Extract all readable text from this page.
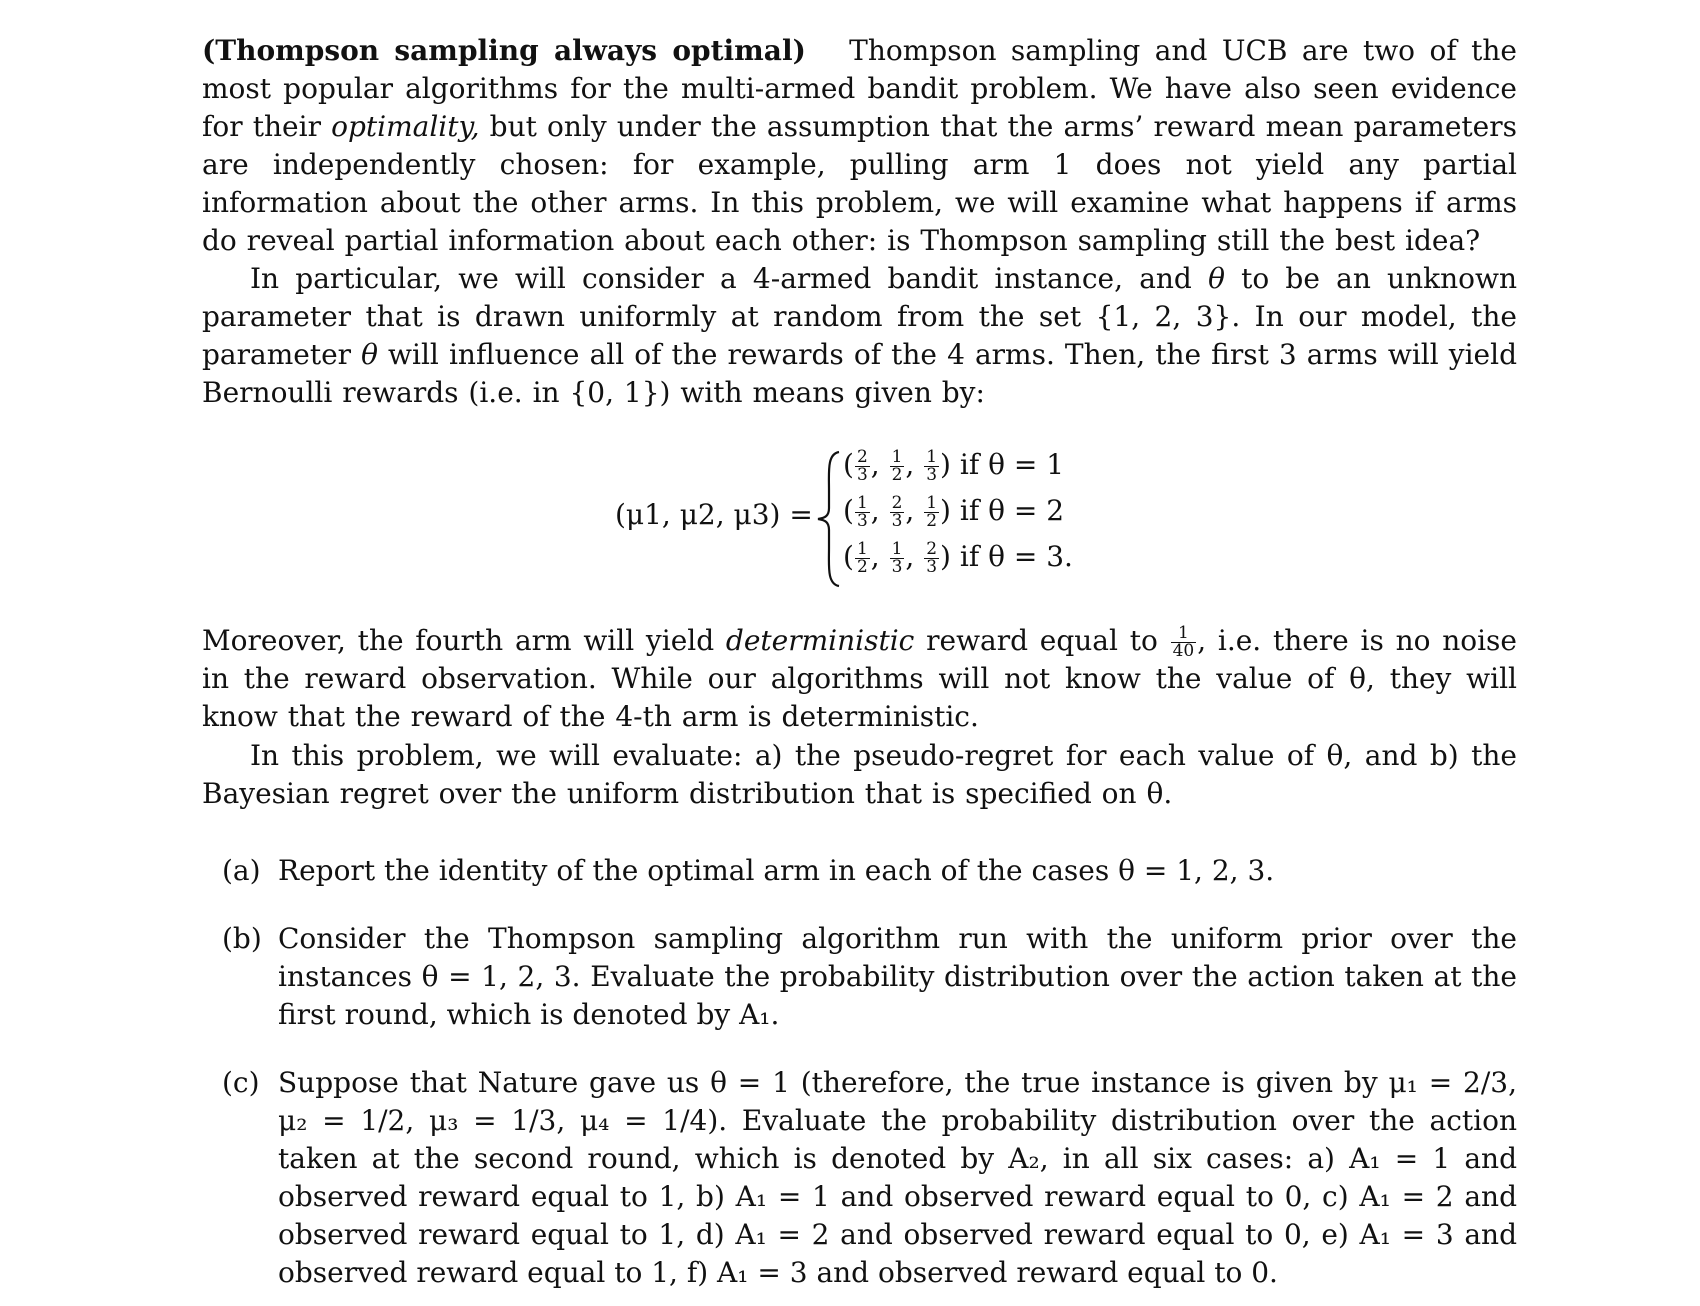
(Thompson sampling always optimal) Thompson sampling and UCB are two of the most popular algorithms for the multi-armed bandit problem. We have also seen evidence for their optimality, but only under the assumption that the arms’ reward mean parameters are independently chosen: for example, pulling arm 1 does not yield any partial information about the other arms. In this problem, we will examine what happens if arms do reveal partial information about each other: is Thompson sampling still the best idea?

In particular, we will consider a 4-armed bandit instance, and θ to be an unknown parameter that is drawn uniformly at random from the set {1, 2, 3}. In our model, the parameter θ will influence all of the rewards of the 4 arms. Then, the first 3 arms will yield Bernoulli rewards (i.e. in {0, 1}) with means given by:

(μ1, μ2, μ3) =
( $\frac{2}{3}$ , $\frac{1}{2}$ , $\frac{1}{3}$ ) if θ = 1
( $\frac{1}{3}$ , $\frac{2}{3}$ , $\frac{1}{2}$ ) if θ = 2
( $\frac{1}{2}$ , $\frac{1}{3}$ , $\frac{2}{3}$ ) if θ = 3.

Moreover, the fourth arm will yield deterministic reward equal to $\frac{1}{40}$ , i.e. there is no noise in the reward observation. While our algorithms will not know the value of θ, they will know that the reward of the 4-th arm is deterministic.

In this problem, we will evaluate: a) the pseudo-regret for each value of θ, and b) the Bayesian regret over the uniform distribution that is specified on θ.

(a) Report the identity of the optimal arm in each of the cases θ = 1, 2, 3.

(b) Consider the Thompson sampling algorithm run with the uniform prior over the instances θ = 1, 2, 3. Evaluate the probability distribution over the action taken at the first round, which is denoted by A₁.

(c) Suppose that Nature gave us θ = 1 (therefore, the true instance is given by μ₁ = 2/3, μ₂ = 1/2, μ₃ = 1/3, μ₄ = 1/4). Evaluate the probability distribution over the action taken at the second round, which is denoted by A₂, in all six cases: a) A₁ = 1 and observed reward equal to 1, b) A₁ = 1 and observed reward equal to 0, c) A₁ = 2 and observed reward equal to 1, d) A₁ = 2 and observed reward equal to 0, e) A₁ = 3 and observed reward equal to 1, f) A₁ = 3 and observed reward equal to 0.
